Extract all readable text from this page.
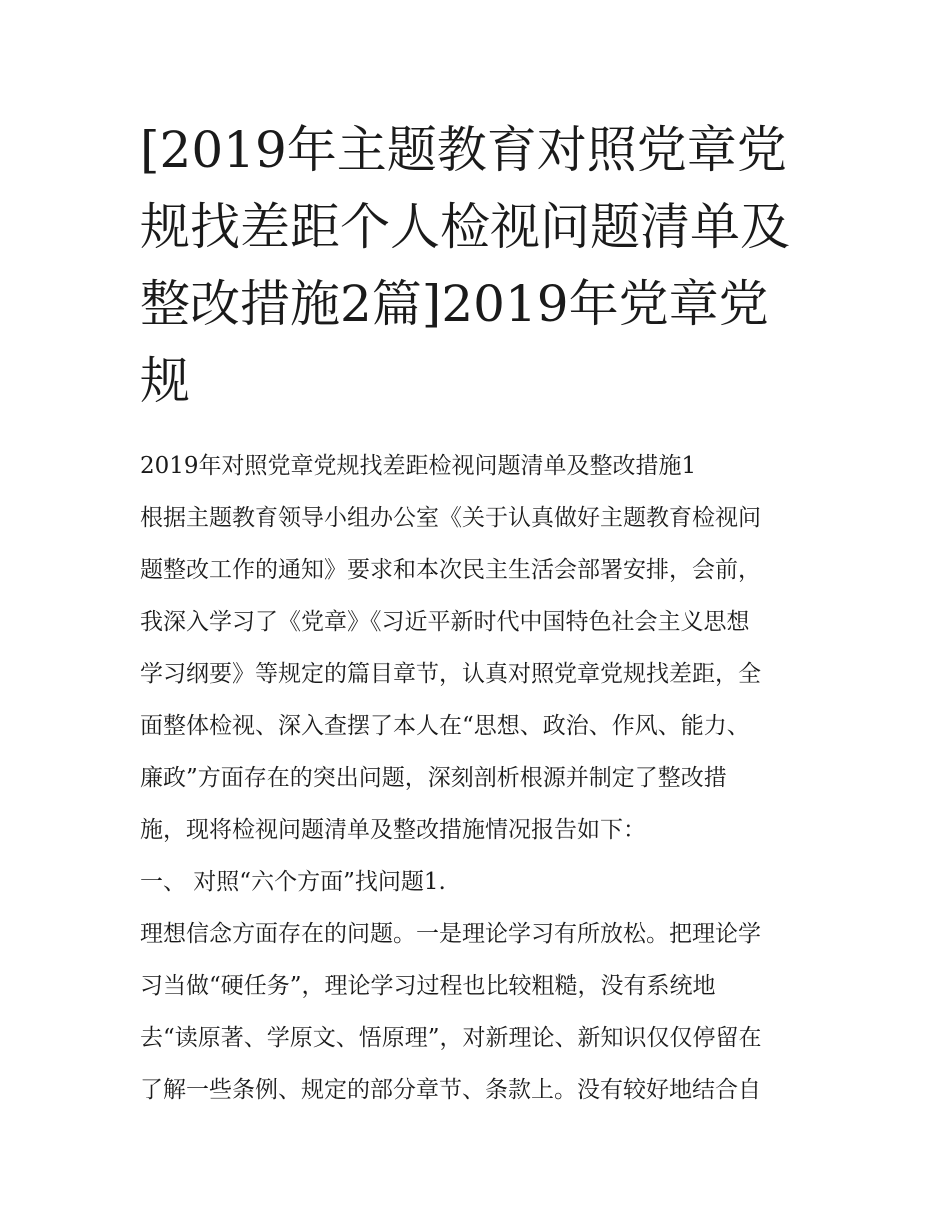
[2019年主题教育对照党章党
规找差距个人检视问题清单及
整改措施2篇]2019年党章党
规
2019年对照党章党规找差距检视问题清单及整改措施1
根据主题教育领导小组办公室《关于认真做好主题教育检视问
题整改工作的通知》要求和本次民主生活会部署安排，会前，
我深入学习了《党章》《习近平新时代中国特色社会主义思想
学习纲要》等规定的篇目章节，认真对照党章党规找差距，全
面整体检视、深入查摆了本人在“思想、政治、作风、能力、
廉政”方面存在的突出问题，深刻剖析根源并制定了整改措
施，现将检视问题清单及整改措施情况报告如下：
一、 对照“六个方面”找问题1.
理想信念方面存在的问题。一是理论学习有所放松。把理论学
习当做“硬任务”，理论学习过程也比较粗糙，没有系统地
去“读原著、学原文、悟原理”，对新理论、新知识仅仅停留在
了解一些条例、规定的部分章节、条款上。没有较好地结合自
